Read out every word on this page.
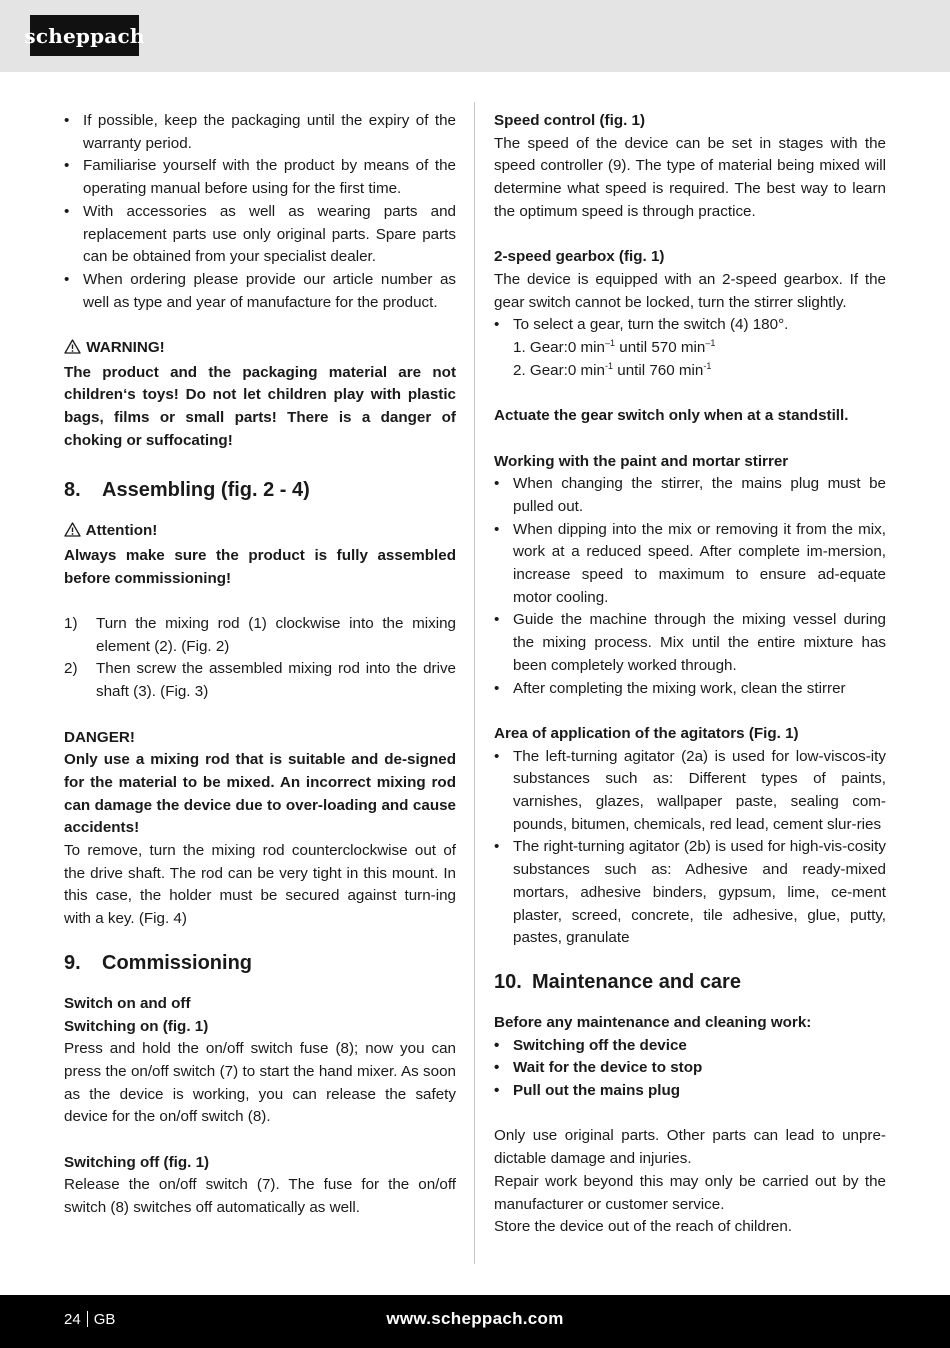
scheppach
• If possible, keep the packaging until the expiry of the warranty period.
• Familiarise yourself with the product by means of the operating manual before using for the first time.
• With accessories as well as wearing parts and replacement parts use only original parts. Spare parts can be obtained from your specialist dealer.
• When ordering please provide our article number as well as type and year of manufacture for the product.

WARNING!

The product and the packaging material are not children‘s toys! Do not let children play with plastic bags, films or small parts! There is a danger of choking or suffocating!

8. Assembling (fig. 2 - 4)

Attention!

Always make sure the product is fully assembled before commissioning!

1) Turn the mixing rod (1) clockwise into the mixing element (2). (Fig. 2)
2) Then screw the assembled mixing rod into the drive shaft (3). (Fig. 3)

DANGER!

Only use a mixing rod that is suitable and de-signed for the material to be mixed. An incorrect mixing rod can damage the device due to over-loading and cause accidents!

To remove, turn the mixing rod counterclockwise out of the drive shaft. The rod can be very tight in this mount. In this case, the holder must be secured against turn-ing with a key. (Fig. 4)

9. Commissioning

Switch on and off

Switching on (fig. 1)

Press and hold the on/off switch fuse (8); now you can press the on/off switch (7) to start the hand mixer. As soon as the device is working, you can release the safety device for the on/off switch (8).

Switching off (fig. 1)

Release the on/off switch (7). The fuse for the on/off switch (8) switches off automatically as well.

Speed control (fig. 1)

The speed of the device can be set in stages with the speed controller (9). The type of material being mixed will determine what speed is required. The best way to learn the optimum speed is through practice.

2-speed gearbox (fig. 1)

The device is equipped with an 2-speed gearbox. If the gear switch cannot be locked, turn the stirrer slightly.

• To select a gear, turn the switch (4) 180°.

1. Gear:0 $\min^{-1}$ until 570 $\min^{-1}$

2. Gear:0 $\min^{-1}$ until 760 $\min^{-1}$

Actuate the gear switch only when at a standstill.

Working with the paint and mortar stirrer

• When changing the stirrer, the mains plug must be pulled out.
• When dipping into the mix or removing it from the mix, work at a reduced speed. After complete im-mersion, increase speed to maximum to ensure ad-equate motor cooling.
• Guide the machine through the mixing vessel during the mixing process. Mix until the entire mixture has been completely worked through.
• After completing the mixing work, clean the stirrer

Area of application of the agitators (Fig. 1)

• The left-turning agitator (2a) is used for low-viscos-ity substances such as: Different types of paints, varnishes, glazes, wallpaper paste, sealing com-pounds, bitumen, chemicals, red lead, cement slur-ries
• The right-turning agitator (2b) is used for high-vis-cosity substances such as: Adhesive and ready-mixed mortars, adhesive binders, gypsum, lime, ce-ment plaster, screed, concrete, tile adhesive, glue, putty, pastes, granulate
10. Maintenance and care

Before any maintenance and cleaning work:

• Switching off the device
• Wait for the device to stop
• Pull out the mains plug

Only use original parts. Other parts can lead to unpre-dictable damage and injuries.

Repair work beyond this may only be carried out by the manufacturer or customer service.

Store the device out of the reach of children.

24 GB	www.scheppach.com
